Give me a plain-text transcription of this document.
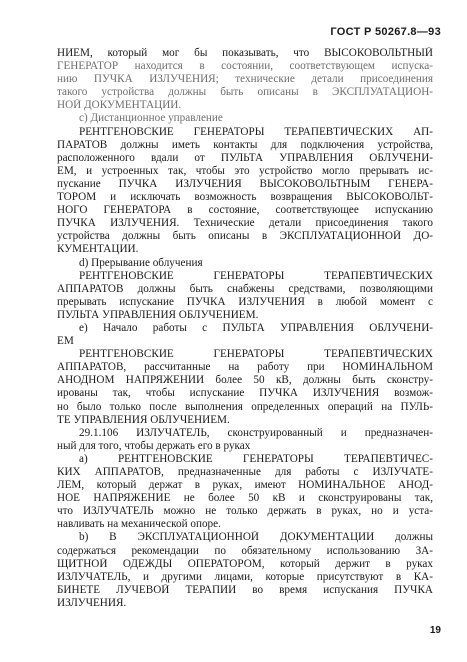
ГОСТ Р 50267.8—93
НИЕМ, который мог бы показывать, что ВЫСОКОВОЛЬТНЫЙ
ГЕНЕРАТОР находится в состоянии, соответствующем испуска-
нию ПУЧКА ИЗЛУЧЕНИЯ; технические детали присоединения
такого устройства должны быть описаны в ЭКСПЛУАТАЦИОН-
НОЙ ДОКУМЕНТАЦИИ.
с) Дистанционное управление
РЕНТГЕНОВСКИЕ ГЕНЕРАТОРЫ ТЕРАПЕВТИЧЕСКИХ АП-
ПАРАТОВ должны иметь контакты для подключения устройства,
расположенного вдали от ПУЛЬТА УПРАВЛЕНИЯ ОБЛУЧЕНИ-
ЕМ, и устроенных так, чтобы это устройство могло прерывать ис-
пускание ПУЧКА ИЗЛУЧЕНИЯ ВЫСОКОВОЛЬТНЫМ ГЕНЕРА-
ТОРОМ и исключать возможность возвращения ВЫСОКОВОЛЬТ-
НОГО ГЕНЕРАТОРА в состояние, соответствующее испусканию
ПУЧКА ИЗЛУЧЕНИЯ. Технические детали присоединения такого
устройства должны быть описаны в ЭКСПЛУАТАЦИОННОЙ ДО-
КУМЕНТАЦИИ.
d) Прерывание облучения
РЕНТГЕНОВСКИЕ ГЕНЕРАТОРЫ ТЕРАПЕВТИЧЕСКИХ
АППАРАТОВ должны быть снабжены средствами, позволяющими
прерывать испускание ПУЧКА ИЗЛУЧЕНИЯ в любой момент с
ПУЛЬТА УПРАВЛЕНИЯ ОБЛУЧЕНИЕМ.
е) Начало работы с ПУЛЬТА УПРАВЛЕНИЯ ОБЛУЧЕНИ-
ЕМ
РЕНТГЕНОВСКИЕ ГЕНЕРАТОРЫ ТЕРАПЕВТИЧЕСКИХ
АППАРАТОВ, рассчитанные на работу при НОМИНАЛЬНОМ
АНОДНОМ НАПРЯЖЕНИИ более 50 кВ, должны быть сконстру-
ированы так, чтобы испускание ПУЧКА ИЗЛУЧЕНИЯ возмож-
но было только после выполнения определенных операций на ПУЛЬ-
ТЕ УПРАВЛЕНИЯ ОБЛУЧЕНИЕМ.
29.1.106 ИЗЛУЧАТЕЛЬ, сконструированный и предназначен-
ный для того, чтобы держать его в руках
а) РЕНТГЕНОВСКИЕ ГЕНЕРАТОРЫ ТЕРАПЕВТИЧЕС-
КИХ АППАРАТОВ, предназначенные для работы с ИЗЛУЧАТЕ-
ЛЕМ, который держат в руках, имеют НОМИНАЛЬНОЕ АНОД-
НОЕ НАПРЯЖЕНИЕ не более 50 кВ и сконструированы так,
что ИЗЛУЧАТЕЛЬ можно не только держать в руках, но и уста-
навливать на механической опоре.
b) В ЭКСПЛУАТАЦИОННОЙ ДОКУМЕНТАЦИИ должны
содержаться рекомендации по обязательному использованию ЗА-
ЩИТНОЙ ОДЕЖДЫ ОПЕРАТОРОМ, который держит в руках
ИЗЛУЧАТЕЛЬ, и другими лицами, которые присутствуют в КА-
БИНЕТЕ ЛУЧЕВОЙ ТЕРАПИИ во время испускания ПУЧКА
ИЗЛУЧЕНИЯ.
19
